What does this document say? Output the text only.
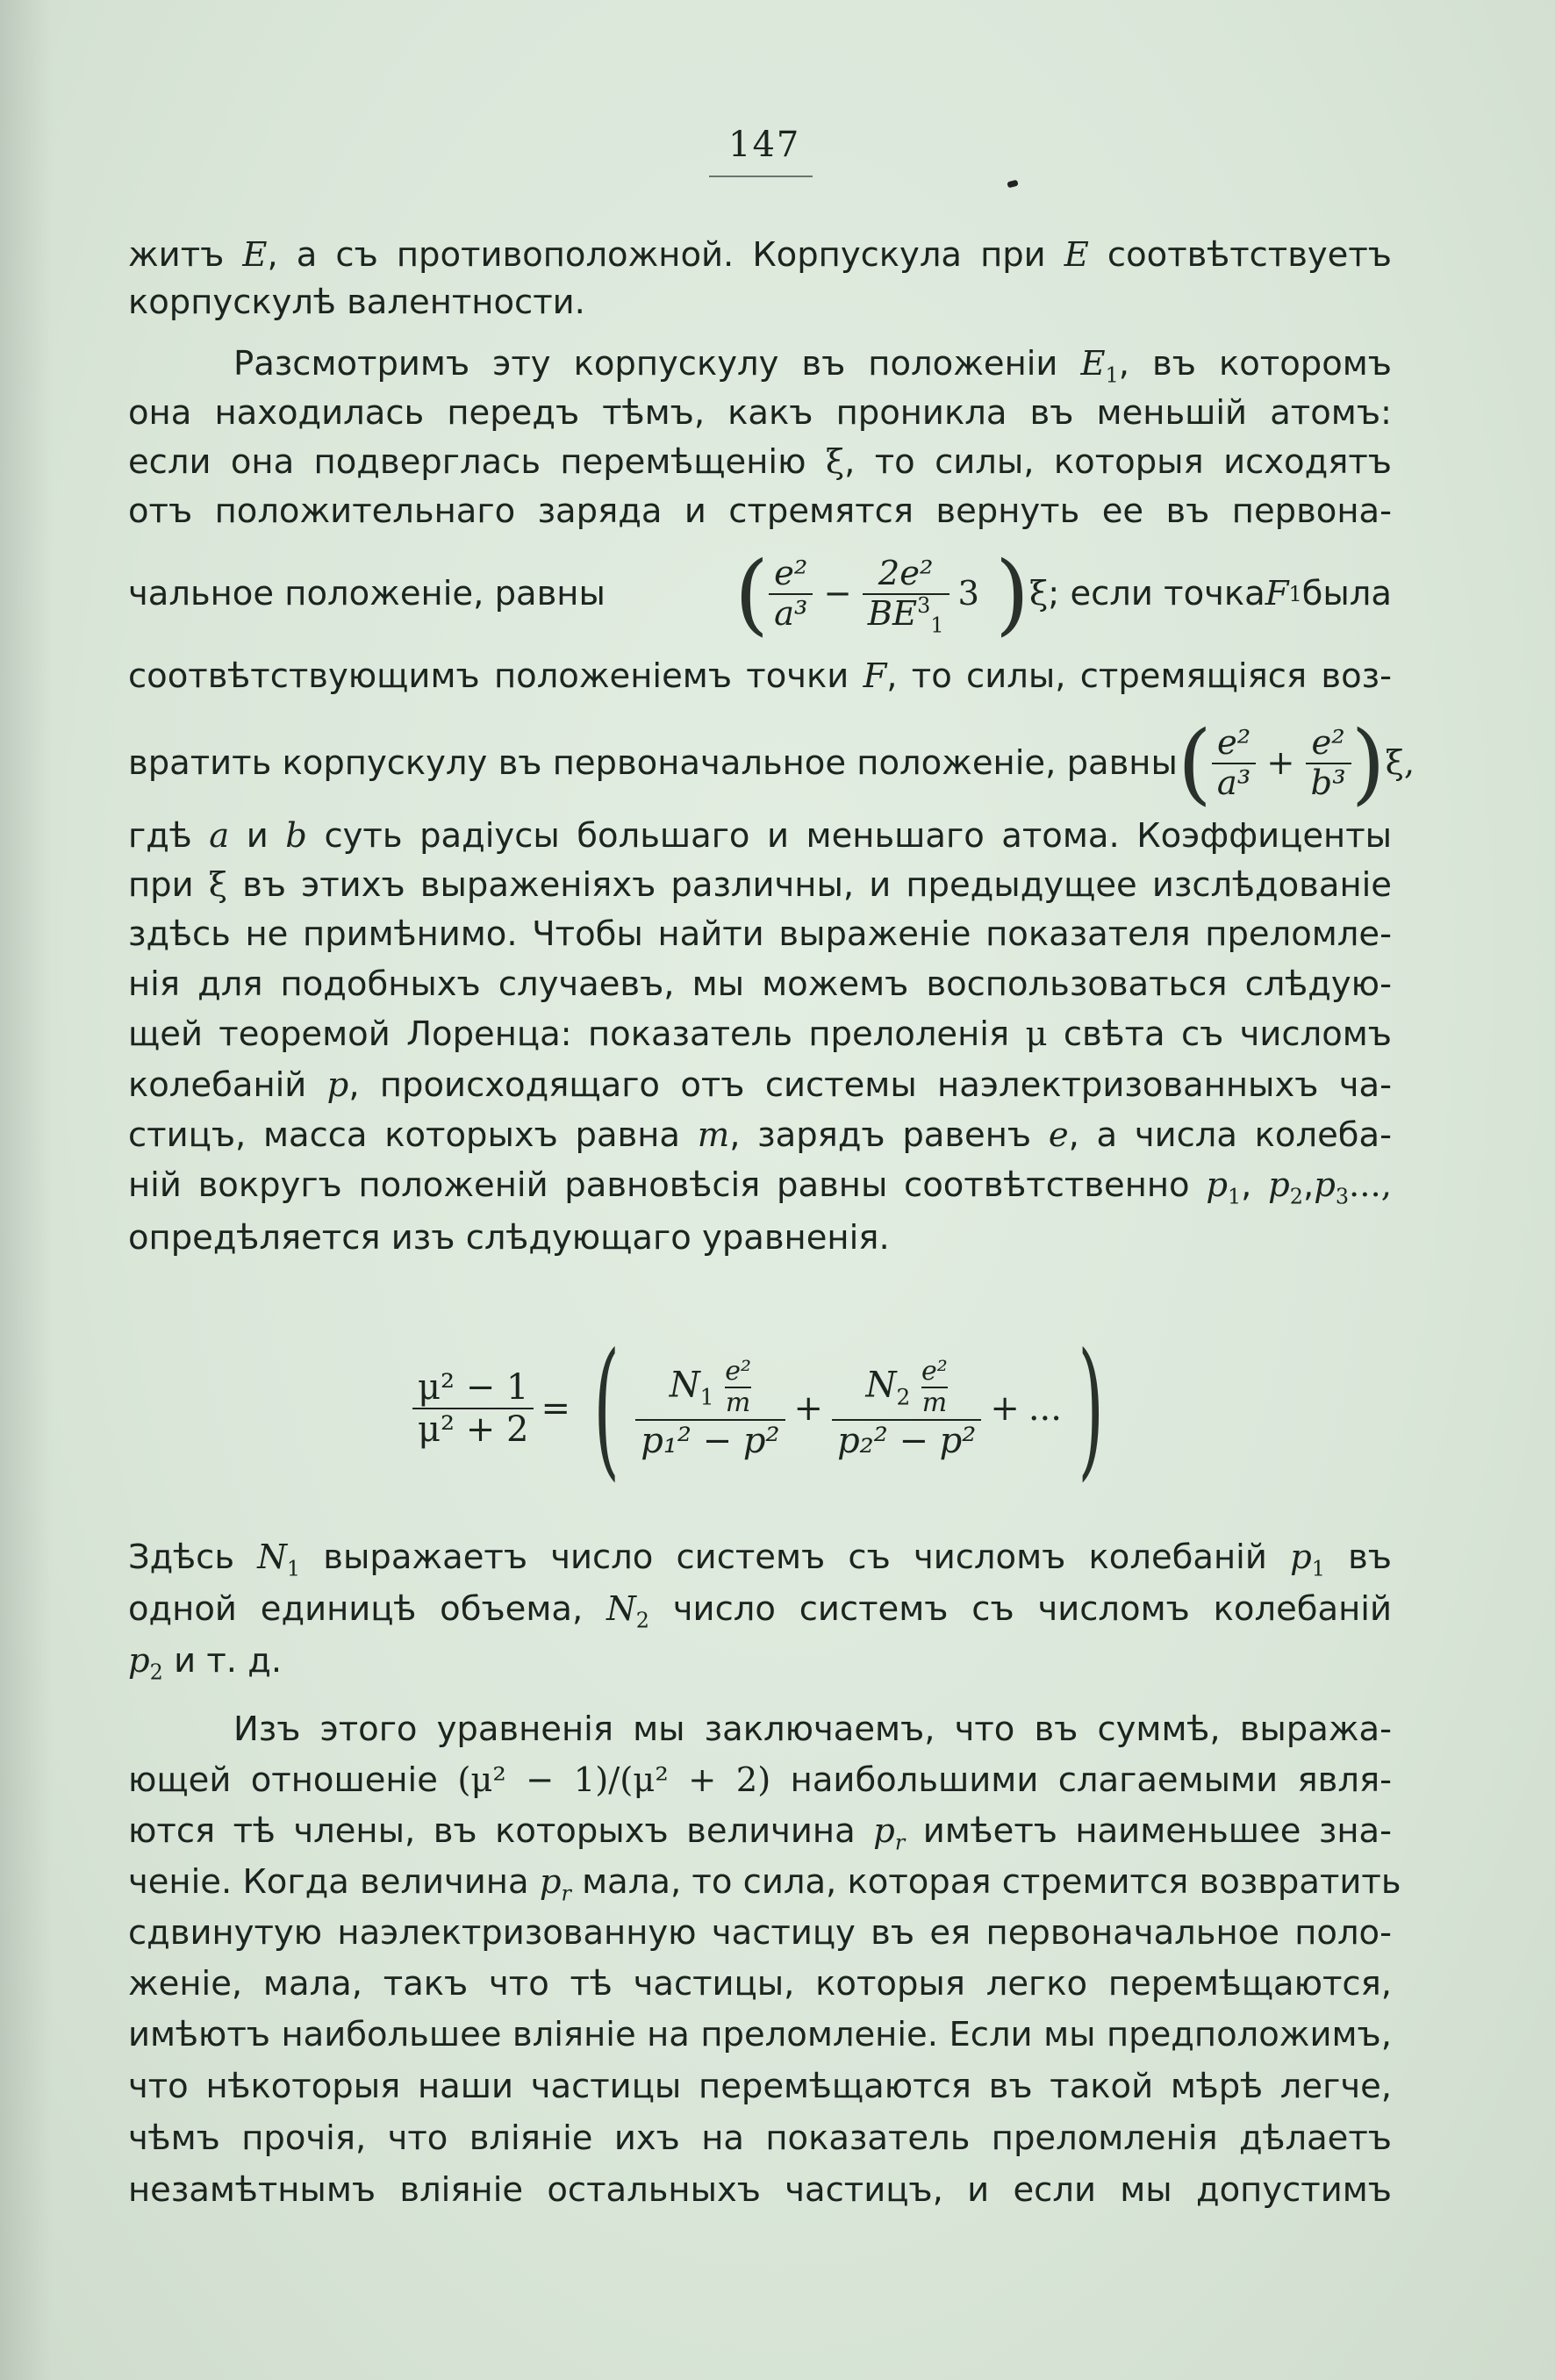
147
житъ E, а съ противоположной. Корпускула при E соотвѣтствуетъ
корпускулѣ валентности.
Разсмотримъ эту корпускулу въ положеніи $E_1$, въ которомъ
она находилась передъ тѣмъ, какъ проникла въ меньшій атомъ:
если она подверглась перемѣщенію ξ, то силы, которыя исходятъ
отъ положительнаго заряда и стремятся вернуть ее въ первона-
чальное положеніе, равны ( $\frac{\text{e²}}{\text{a³}} - \frac{\text{2e²}}{BE^3_1} 3$ ) ξ ; если точка F 1 была
соотвѣтствующимъ положеніемъ точки F, то силы, стремящіяся воз-
вратить корпускулу въ первоначальное положеніе, равны ( $\frac{\text{e²}}{\text{a³}} + \frac{\text{e²}}{\text{b³}}$ ) ξ,
гдѣ a и b суть радіусы большаго и меньшаго атома. Коэффиценты
при ξ въ этихъ выраженіяхъ различны, и предыдущее изслѣдованіе
здѣсь не примѣнимо. Чтобы найти выраженіе показателя преломле-
нія для подобныхъ случаевъ, мы можемъ воспользоваться слѣдую-
щей теоремой Лоренца: показатель прелоленія μ свѣта съ числомъ
колебаній p, происходящаго отъ системы наэлектризованныхъ ча-
стицъ, масса которыхъ равна m, зарядъ равенъ e, а числа колеба-
ній вокругъ положеній равновѣсія равны соотвѣтственно $p_1$, $p_2,p_3$...,
опредѣляется изъ слѣдующаго уравненія.
$\frac{\text{μ² − 1}}{\text{μ² + 2}}$ = ( $\frac{N_1 \frac{\text{e²}}{m}}{\text{p₁² − p²}} + \frac{N_2 \frac{\text{e²}}{m}}{\text{p₂² − p²}}$ + ... )
Здѣсь $N_1$ выражаетъ число системъ съ числомъ колебаній $p_1$ въ
одной единицѣ объема, $N_2$ число системъ съ числомъ колебаній
$p_2$ и т. д.
Изъ этого уравненія мы заключаемъ, что въ суммѣ, выража-
ющей отношеніе (μ² − 1)/(μ² + 2) наибольшими слагаемыми явля-
ются тѣ члены, въ которыхъ величина $p_r$ имѣетъ наименьшее зна-
ченіе. Когда величина $p_r$ мала, то сила, которая стремится возвратить
сдвинутую наэлектризованную частицу въ ея первоначальное поло-
женіе, мала, такъ что тѣ частицы, которыя легко перемѣщаются,
имѣютъ наибольшее вліяніе на преломленіе. Если мы предположимъ,
что нѣкоторыя наши частицы перемѣщаются въ такой мѣрѣ легче,
чѣмъ прочія, что вліяніе ихъ на показатель преломленія дѣлаетъ
незамѣтнымъ вліяніе остальныхъ частицъ, и если мы допустимъ
